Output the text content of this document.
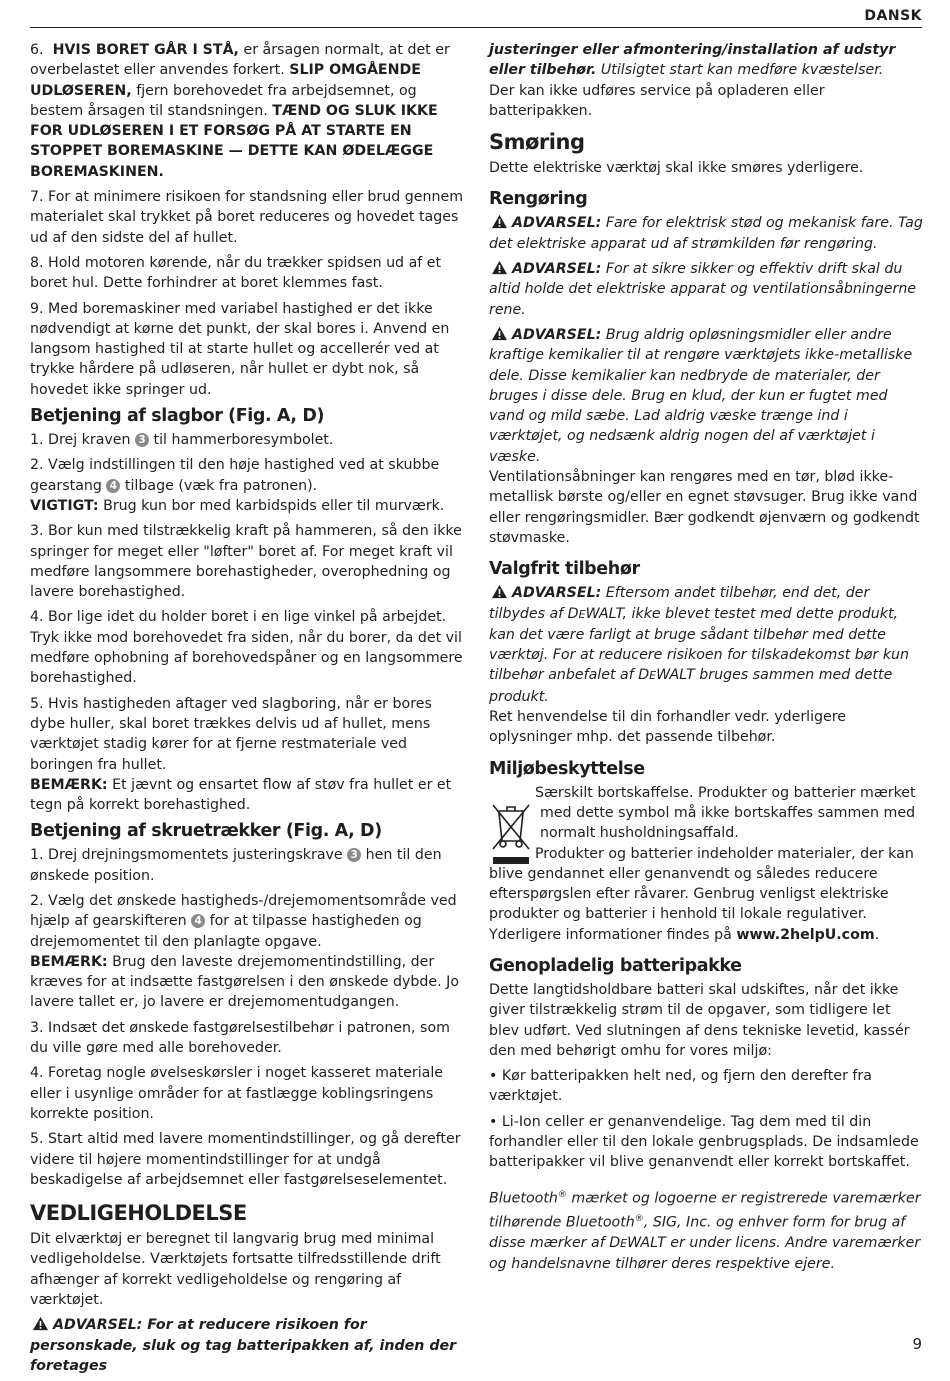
DANSK

6. HVIS BORET GÅR I STÅ, er årsagen normalt, at det er overbelastet eller anvendes forkert. SLIP OMGÅENDE UDLØSEREN, fjern borehovedet fra arbejdsemnet, og bestem årsagen til standsningen. TÆND OG SLUK IKKE FOR UDLØSEREN I ET FORSØG PÅ AT STARTE EN STOPPET BOREMASKINE — DETTE KAN ØDELÆGGE BOREMASKINEN.

7. For at minimere risikoen for standsning eller brud gennem materialet skal trykket på boret reduceres og hovedet tages ud af den sidste del af hullet.

8. Hold motoren kørende, når du trækker spidsen ud af et boret hul. Dette forhindrer at boret klemmes fast.

9. Med boremaskiner med variabel hastighed er det ikke nødvendigt at kørne det punkt, der skal bores i. Anvend en langsom hastighed til at starte hullet og accellerér ved at trykke hårdere på udløseren, når hullet er dybt nok, så hovedet ikke springer ud.

Betjening af slagbor (Fig. A, D)

1. Drej kraven 3 til hammerboresymbolet.

2. Vælg indstillingen til den høje hastighed ved at skubbe gearstang 4 tilbage (væk fra patronen).

VIGTIGT: Brug kun bor med karbidspids eller til murværk.

3. Bor kun med tilstrækkelig kraft på hammeren, så den ikke springer for meget eller "løfter" boret af. For meget kraft vil medføre langsommere borehastigheder, overophedning og lavere borehastighed.

4. Bor lige idet du holder boret i en lige vinkel på arbejdet. Tryk ikke mod borehovedet fra siden, når du borer, da det vil medføre ophobning af borehovedspåner og en langsommere borehastighed.

5. Hvis hastigheden aftager ved slagboring, når er bores dybe huller, skal boret trækkes delvis ud af hullet, mens værktøjet stadig kører for at fjerne restmateriale ved boringen fra hullet.

BEMÆRK: Et jævnt og ensartet flow af støv fra hullet er et tegn på korrekt borehastighed.

Betjening af skruetrækker (Fig. A, D)

1. Drej drejningsmomentets justeringskrave 3 hen til den ønskede position.

2. Vælg det ønskede hastigheds-/drejemomentsområde ved hjælp af gearskifteren 4 for at tilpasse hastigheden og drejemomentet til den planlagte opgave.

BEMÆRK: Brug den laveste drejemomentindstilling, der kræves for at indsætte fastgørelsen i den ønskede dybde. Jo lavere tallet er, jo lavere er drejemomentudgangen.

3. Indsæt det ønskede fastgørelsestilbehør i patronen, som du ville gøre med alle borehoveder.

4. Foretag nogle øvelseskørsler i noget kasseret materiale eller i usynlige områder for at fastlægge koblingsringens korrekte position.

5. Start altid med lavere momentindstillinger, og gå derefter videre til højere momentindstillinger for at undgå beskadigelse af arbejdsemnet eller fastgørelseselementet.

VEDLIGEHOLDELSE

Dit elværktøj er beregnet til langvarig brug med minimal vedligeholdelse. Værktøjets fortsatte tilfredsstillende drift afhænger af korrekt vedligeholdelse og rengøring af værktøjet.

ADVARSEL: For at reducere risikoen for personskade, sluk og tag batteripakken af, inden der foretages

justeringer eller afmontering/installation af udstyr eller tilbehør. Utilsigtet start kan medføre kvæstelser.

Der kan ikke udføres service på opladeren eller batteripakken.

Smøring

Dette elektriske værktøj skal ikke smøres yderligere.

Rengøring

ADVARSEL: Fare for elektrisk stød og mekanisk fare. Tag det elektriske apparat ud af strømkilden før rengøring.

ADVARSEL: For at sikre sikker og effektiv drift skal du altid holde det elektriske apparat og ventilationsåbningerne rene.

ADVARSEL: Brug aldrig opløsningsmidler eller andre kraftige kemikalier til at rengøre værktøjets ikke-metalliske dele. Disse kemikalier kan nedbryde de materialer, der bruges i disse dele. Brug en klud, der kun er fugtet med vand og mild sæbe. Lad aldrig væske trænge ind i værktøjet, og nedsænk aldrig nogen del af værktøjet i væske.

Ventilationsåbninger kan rengøres med en tør, blød ikke-metallisk børste og/eller en egnet støvsuger. Brug ikke vand eller rengøringsmidler. Bær godkendt øjenværn og godkendt støvmaske.

Valgfrit tilbehør

ADVARSEL: Eftersom andet tilbehør, end det, der tilbydes af DEWALT, ikke blevet testet med dette produkt, kan det være farligt at bruge sådant tilbehør med dette værktøj. For at reducere risikoen for tilskadekomst bør kun tilbehør anbefalet af DEWALT bruges sammen med dette produkt.

Ret henvendelse til din forhandler vedr. yderligere oplysninger mhp. det passende tilbehør.

Miljøbeskyttelse

Særskilt bortskaffelse. Produkter og batterier mærket
med dette symbol må ikke bortskaffes sammen med
normalt husholdningsaffald.

Produkter og batterier indeholder materialer, der kan blive gendannet eller genanvendt og således reducere efterspørgslen efter råvarer. Genbrug venligst elektriske produkter og batterier i henhold til lokale regulativer. Yderligere informationer findes på www.2helpU.com.

Genopladelig batteripakke

Dette langtidsholdbare batteri skal udskiftes, når det ikke giver tilstrækkelig strøm til de opgaver, som tidligere let blev udført. Ved slutningen af dens tekniske levetid, kassér den med behørigt omhu for vores miljø:

• Kør batteripakken helt ned, og fjern den derefter fra værktøjet.

• Li-Ion celler er genanvendelige. Tag dem med til din forhandler eller til den lokale genbrugsplads. De indsamlede batteripakker vil blive genanvendt eller korrekt bortskaffet.

Bluetooth® mærket og logoerne er registrerede varemærker tilhørende Bluetooth®, SIG, Inc. og enhver form for brug af disse mærker af DEWALT er under licens. Andre varemærker og handelsnavne tilhører deres respektive ejere.

9
